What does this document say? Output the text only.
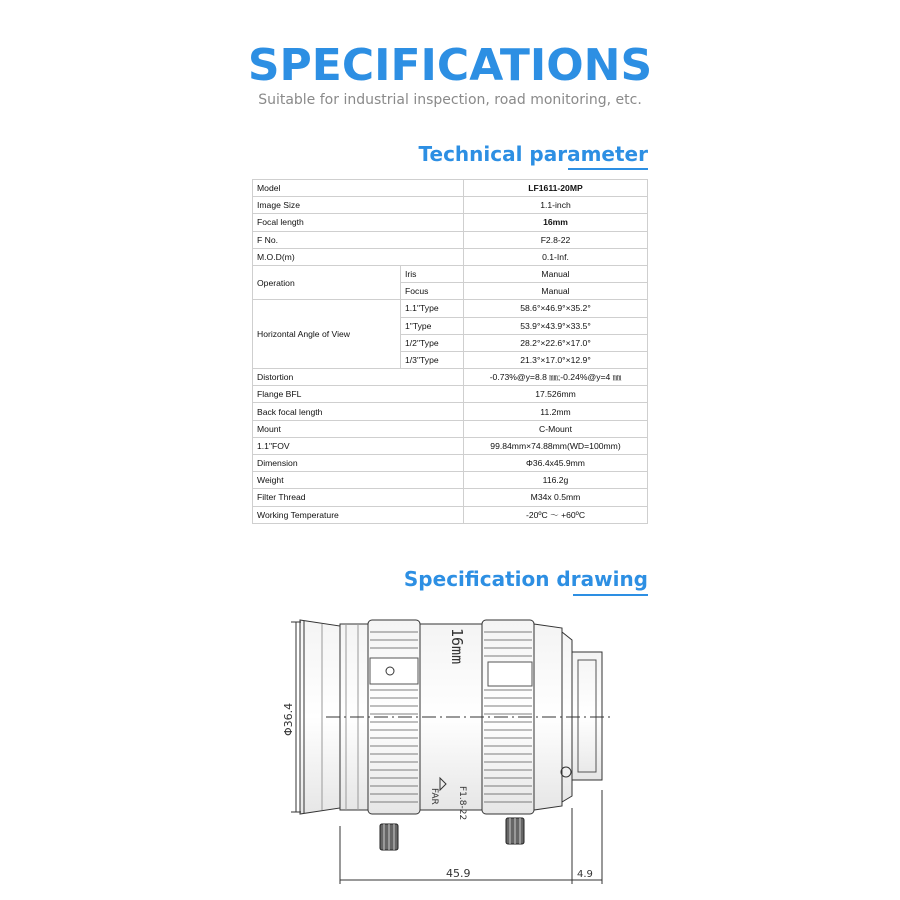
SPECIFICATIONS
Suitable for industrial inspection, road monitoring, etc.
Technical parameter
Model		LF1611-20MP
Image Size		1.1-inch
Focal length		16mm
F No.		F2.8-22
M.O.D(m)		0.1-Inf.
Operation	Iris	Manual
	Focus	Manual
Horizontal Angle of View	1.1"Type	58.6°×46.9°×35.2°
	1"Type	53.9°×43.9°×33.5°
	1/2"Type	28.2°×22.6°×17.0°
	1/3"Type	21.3°×17.0°×12.9°
Distortion		-0.73%@y=8.8 ㎜;-0.24%@y=4 ㎜
Flange BFL		17.526mm
Back focal length		11.2mm
Mount		C-Mount
1.1"FOV		99.84mm×74.88mm(WD=100mm)
Dimension		Φ36.4x45.9mm
Weight		116.2g
Filter Thread		M34x 0.5mm
Working Temperature		-20ºC ～ +60ºC
Specification drawing
Φ36.4
45.9	4.9
16mm
FAR F1.8-22
